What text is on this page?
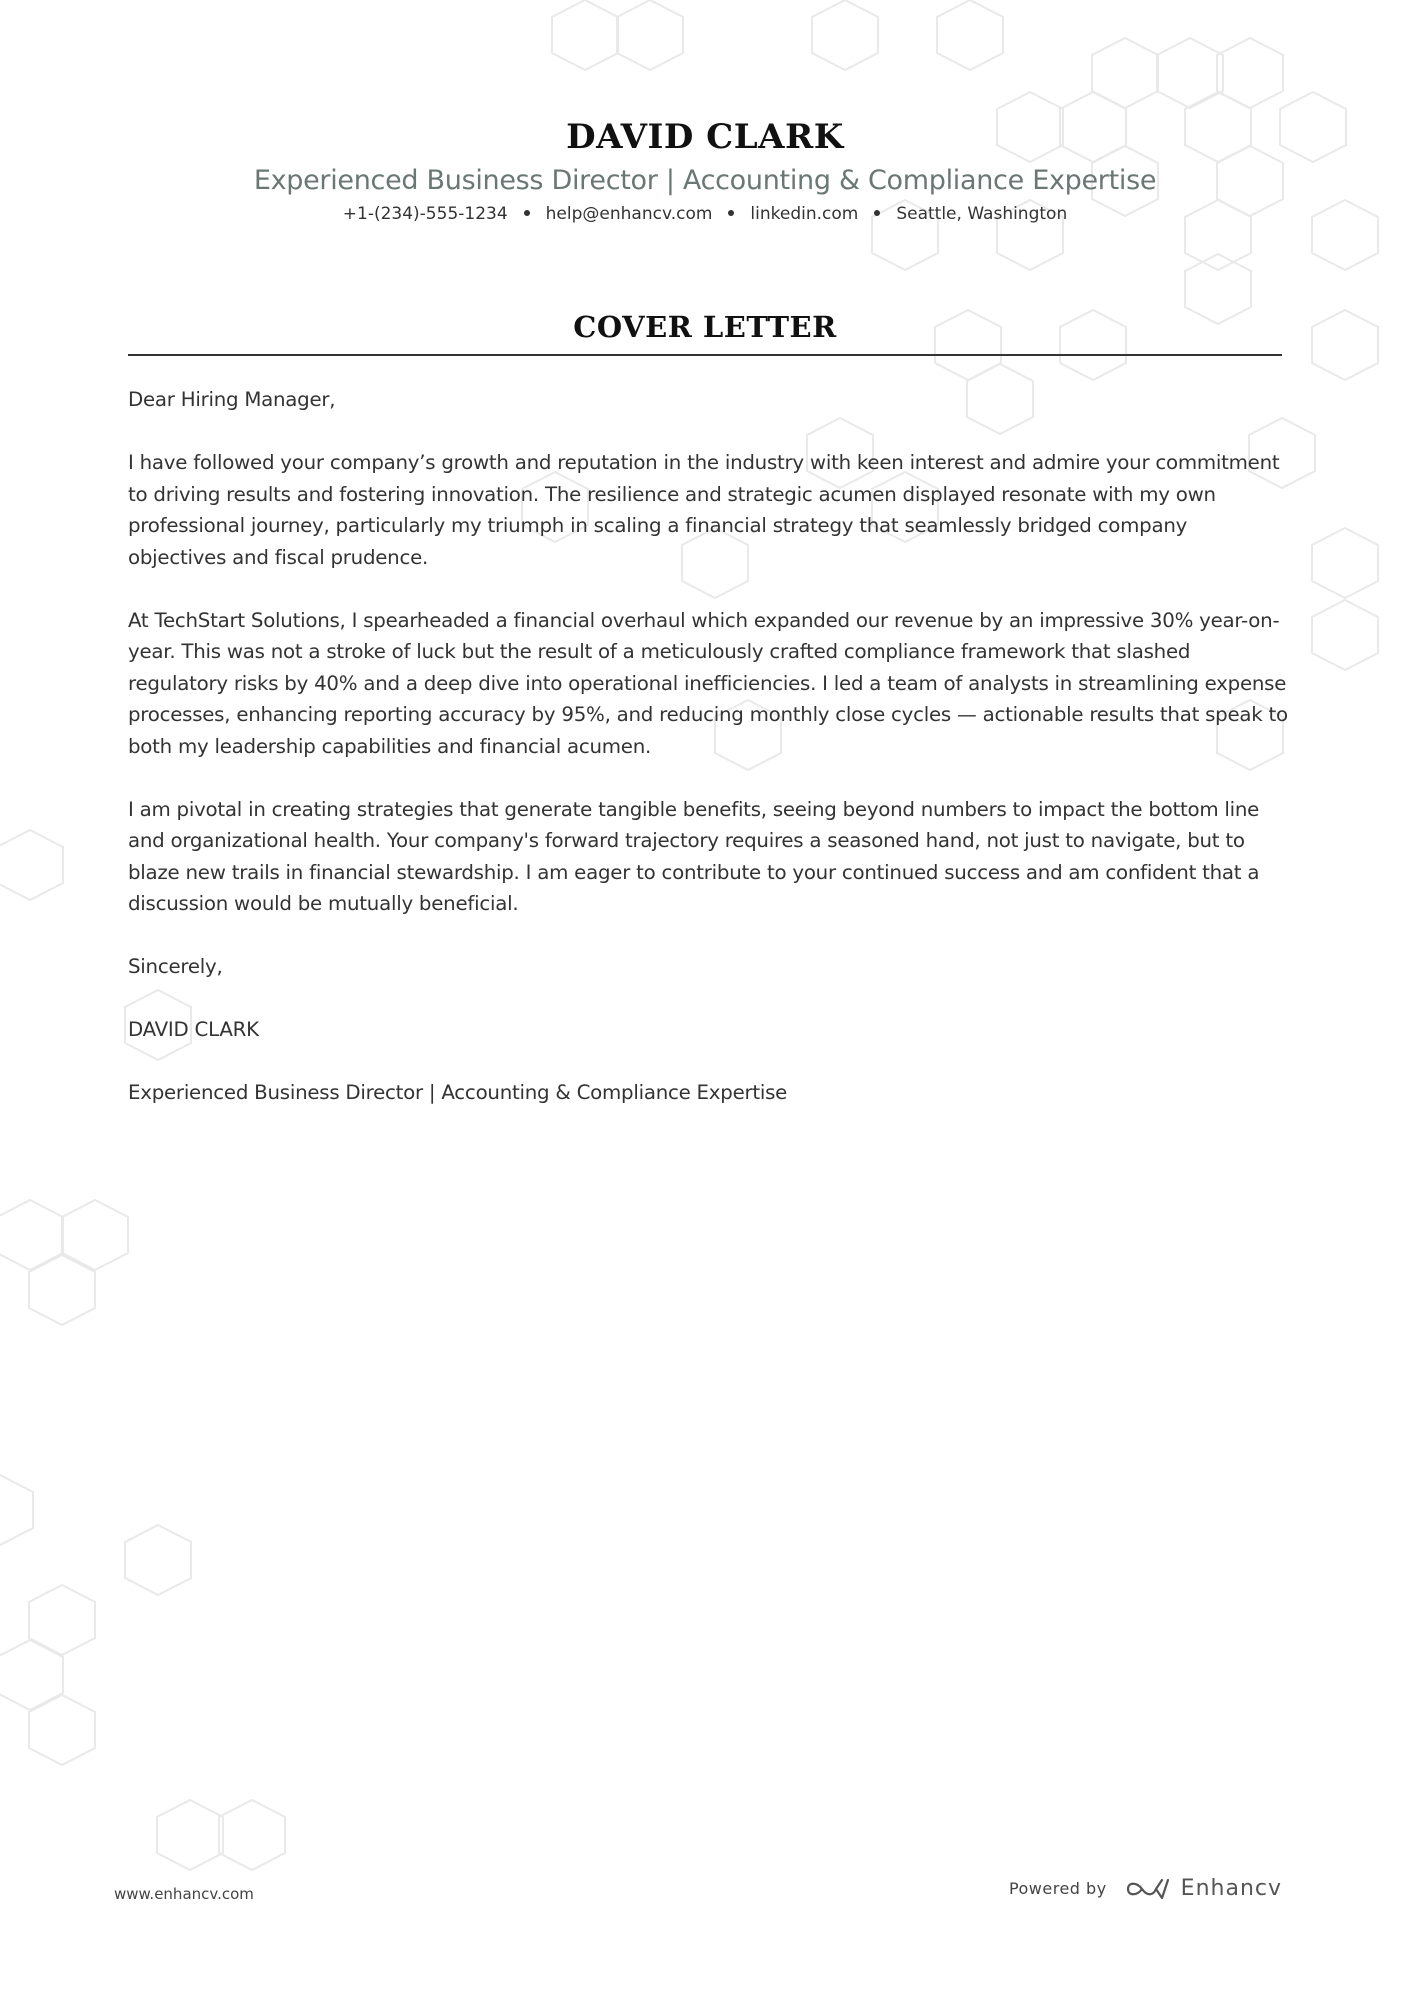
DAVID CLARK

Experienced Business Director | Accounting & Compliance Expertise

+1-(234)-555-1234 help@enhancv.com linkedin.com Seattle, Washington
COVER LETTER

Dear Hiring Manager,

I have followed your company’s growth and reputation in the industry with keen interest and admire your commitment to driving results and fostering innovation. The resilience and strategic acumen displayed resonate with my own professional journey, particularly my triumph in scaling a financial strategy that seamlessly bridged company objectives and fiscal prudence.

At TechStart Solutions, I spearheaded a financial overhaul which expanded our revenue by an impressive 30% year-on-year. This was not a stroke of luck but the result of a meticulously crafted compliance framework that slashed regulatory risks by 40% and a deep dive into operational inefficiencies. I led a team of analysts in streamlining expense processes, enhancing reporting accuracy by 95%, and reducing monthly close cycles — actionable results that speak to both my leadership capabilities and financial acumen.

I am pivotal in creating strategies that generate tangible benefits, seeing beyond numbers to impact the bottom line and organizational health. Your company's forward trajectory requires a seasoned hand, not just to navigate, but to blaze new trails in financial stewardship. I am eager to contribute to your continued success and am confident that a discussion would be mutually beneficial.

Sincerely,

DAVID CLARK

Experienced Business Director | Accounting & Compliance Expertise

www.enhancv.com	Powered by	Enhancv
